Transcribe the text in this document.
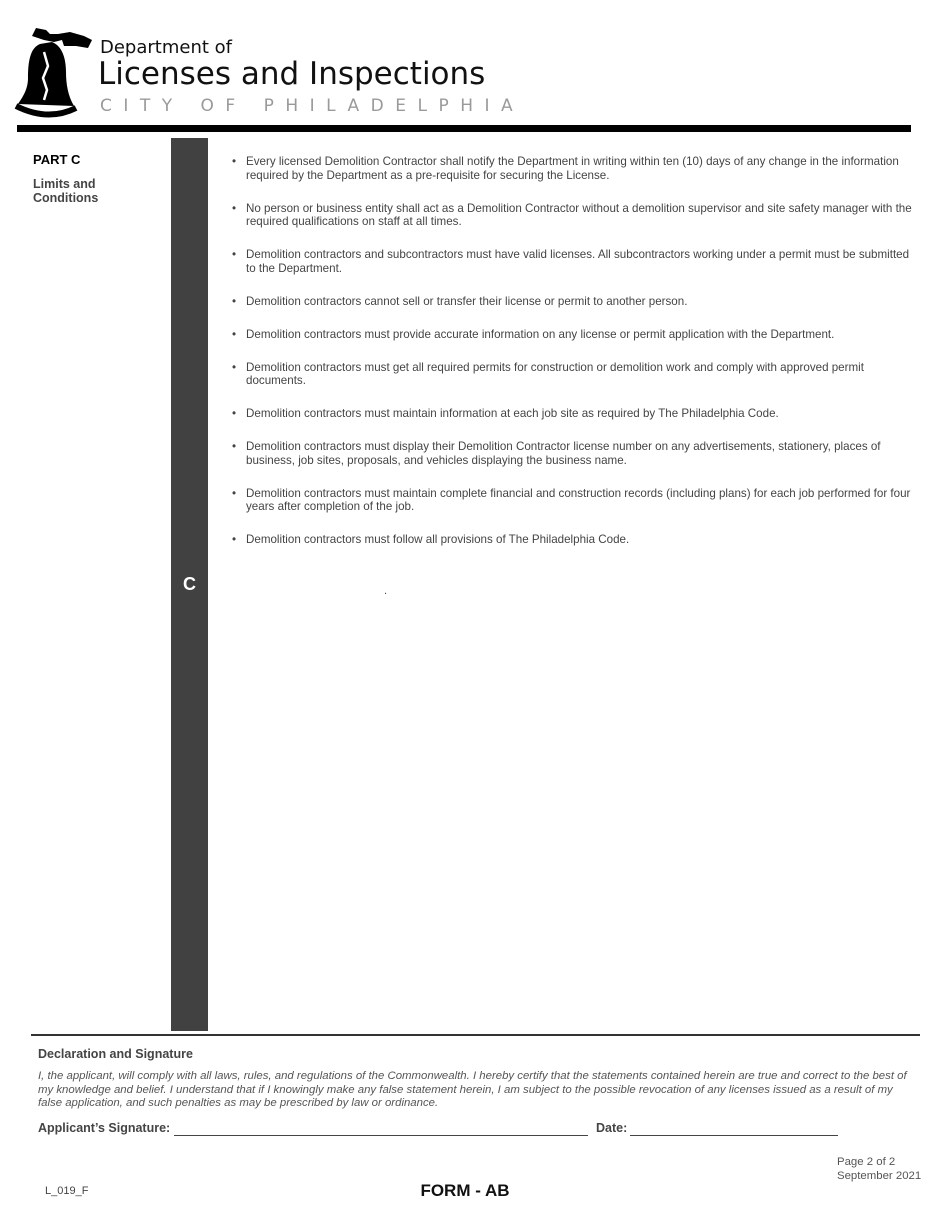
Department of
Licenses and Inspections
CITY OF PHILADELPHIA
PART C
Limits and Conditions
C
• Every licensed Demolition Contractor shall notify the Department in writing within ten (10) days of any change in the information required by the Department as a pre-requisite for securing the License.
• No person or business entity shall act as a Demolition Contractor without a demolition supervisor and site safety manager with the required qualifications on staff at all times.
• Demolition contractors and subcontractors must have valid licenses. All subcontractors working under a permit must be submitted to the Department.
• Demolition contractors cannot sell or transfer their license or permit to another person.
• Demolition contractors must provide accurate information on any license or permit application with the Department.
• Demolition contractors must get all required permits for construction or demolition work and comply with approved permit documents.
• Demolition contractors must maintain information at each job site as required by The Philadelphia Code.
• Demolition contractors must display their Demolition Contractor license number on any advertisements, stationery, places of business, job sites, proposals, and vehicles displaying the business name.
• Demolition contractors must maintain complete financial and construction records (including plans) for each job performed for four years after completion of the job.
• Demolition contractors must follow all provisions of The Philadelphia Code.
.
Declaration and Signature
I, the applicant, will comply with all laws, rules, and regulations of the Commonwealth. I hereby certify that the statements contained herein are true and correct to the best of my knowledge and belief. I understand that if I knowingly make any false statement herein, I am subject to the possible revocation of any licenses issued as a result of my false application, and such penalties as may be prescribed by law or ordinance.
Applicant’s Signature:	Date:
Page 2 of 2
September 2021
L_019_F	FORM - AB
